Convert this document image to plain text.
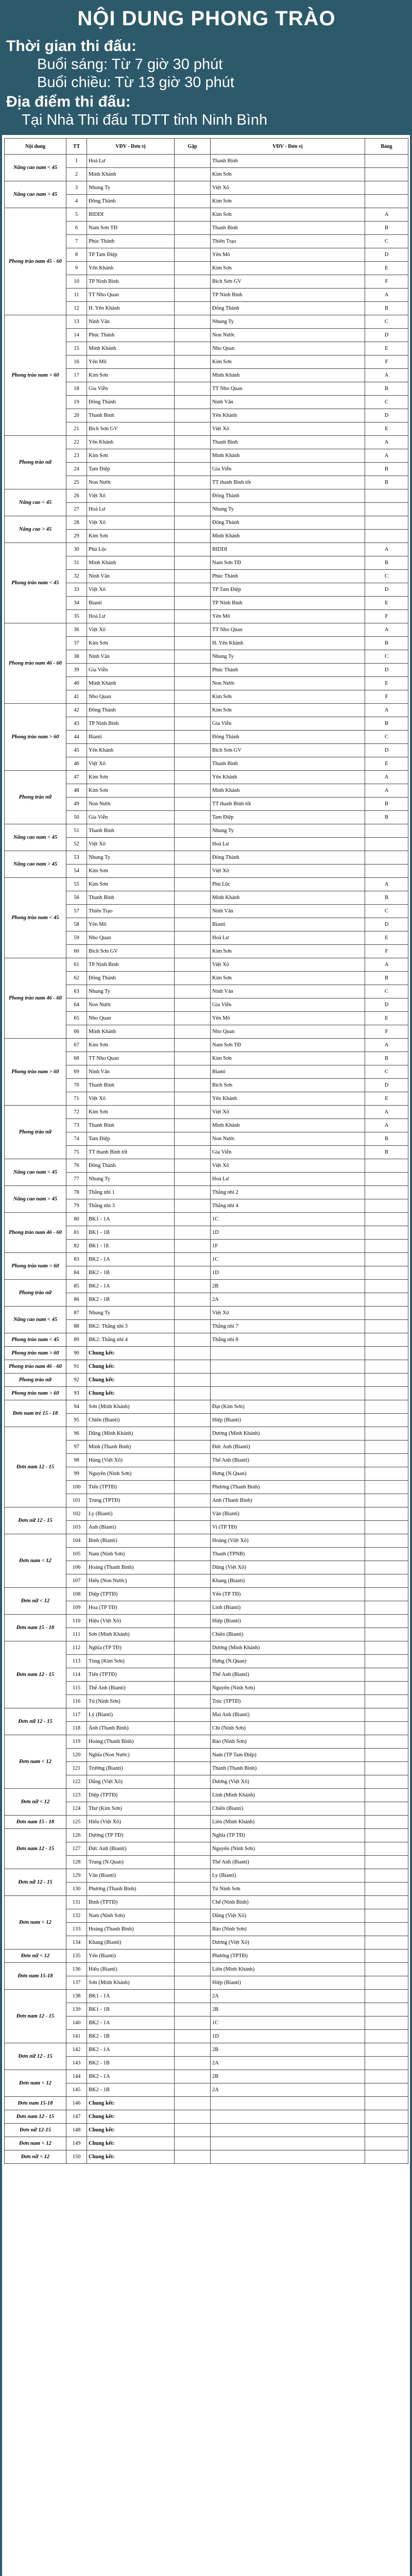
NỘI DUNG PHONG TRÀO
Thời gian thi đấu:
Buổi sáng: Từ 7 giờ 30 phút
Buổi chiều: Từ 13 giờ 30 phút
Địa điểm thi đấu:
Tại Nhà Thi đấu TDTT tỉnh Ninh Bình
Nội dung	TT	VĐV - Đơn vị	Gặp	VĐV - Đơn vị	Bảng
Nâng cao nam < 45	1	Hoà Lư		Thanh Bình	
	2	Minh Khánh		Kim Sơn	
Nâng cao nam > 45	3	Nhung Ty		Việt Xô	
	4	Đông Thành		Kim Sơn	
Phong trào nam 45 - 60	5	BIDDI		Kim Sơn	A
	6	Nam Sơn TĐ		Thanh Bình	B
	7	Phúc Thành		Thiên Trạo	C
	8	TP Tam Điệp		Yên Mô	D
	9	Yên Khánh		Kim Sơn	E
	10	TP Ninh Bình		Bích Sơn GV	F
	11	TT Nho Quan		TP Ninh Bình	A
	12	H. Yên Khánh		Đông Thành	B
Phong trào nam > 60	13	Ninh Vân		Nhung Ty	C
	14	Phúc Thành		Non Nước	D
	15	Minh Khánh		Nho Quan	E
	16	Yên Mô		Kim Sơn	F
	17	Kim Sơn		Minh Khánh	A
	18	Gia Viễn		TT Nho Quan	B
	19	Đông Thành		Ninh Vân	C
	20	Thanh Bình		Yên Khánh	D
	21	Bích Sơn GV		Việt Xô	E
Phong trào nữ	22	Yên Khánh		Thanh Bình	A
	23	Kim Sơn		Minh Khánh	A
	24	Tam Điệp		Gia Viễn	B
	25	Non Nước		TT thanh Bình tốt	B
Nâng cao < 45	26	Việt Xô		Đông Thành	
	27	Hoà Lư		Nhung Ty	
Nâng cao > 45	28	Việt Xô		Đông Thành	
	29	Kim Sơn		Minh Khánh	
Phong trào nam < 45	30	Phú Lộc		BIDDI	A
	31	Minh Khánh		Nam Sơn TĐ	B
	32	Ninh Vân		Phúc Thành	C
	33	Việt Xô		TP Tam Điệp	D
	34	Bìanti		TP Ninh Bình	E
	35	Hoà Lư		Yên Mô	F
Phong trào nam 46 - 60	36	Việt Xô		TT Nho Quan	A
	37	Kim Sơn		H. Yên Khánh	B
	38	Ninh Vân		Nhung Ty	C
	39	Gia Viễn		Phúc Thành	D
	40	Minh Khánh		Non Nước	E
	41	Nho Quan		Kim Sơn	F
Phong trào nam > 60	42	Đông Thành		Kim Sơn	A
	43	TP Ninh Bình		Gia Viễn	B
	44	Bìanti		Đông Thành	C
	45	Yên Khánh		Bích Sơn GV	D
	46	Việt Xô		Thanh Bình	E
Phong trào nữ	47	Kim Sơn		Yên Khánh	A
	48	Kim Sơn		Minh Khánh	A
	49	Non Nước		TT thanh Bình tốt	B
	50	Gia Viễn		Tam Điệp	B
Nâng cao nam < 45	51	Thanh Bình		Nhung Ty	
	52	Việt Xô		Hoà Lư	
Nâng cao nam > 45	53	Nhung Ty		Đông Thành	
	54	Kim Sơn		Việt Xô	
Phong trào nam < 45	55	Kim Sơn		Phú Lộc	A
	56	Thanh Bình		Minh Khánh	B
	57	Thiên Trạo		Ninh Vân	C
	58	Yên Mô		Bìanti	D
	59	Nho Quan		Hoà Lư	E
	60	Bích Sơn GV		Kim Sơn	F
Phong trào nam 46 - 60	61	TP Ninh Bình		Việt Xô	A
	62	Đông Thành		Kim Sơn	B
	63	Nhung Ty		Ninh Vân	C
	64	Non Nước		Gia Viễn	D
	65	Nho Quan		Yên Mô	E
	66	Minh Khánh		Nho Quan	F
Phong trào nam > 60	67	Kim Sơn		Nam Sơn TĐ	A
	68	TT Nho Quan		Kim Sơn	B
	69	Ninh Vân		Bìanti	C
	70	Thanh Bình		Bích Sơn	D
	71	Việt Xô		Yên Khánh	E
Phong trào nữ	72	Kim Sơn		Việt Xô	A
	73	Thanh Bình		Minh Khánh	A
	74	Tam Điệp		Non Nước	B
	75	TT thanh Bình tốt		Gia Viễn	B
Nâng cao nam < 45	76	Đông Thành		Việt Xô	
	77	Nhung Ty		Hoà Lư	
Nâng cao nam > 45	78	Thắng nhì 1		Thắng nhì 2	
	79	Thắng nhì 3		Thắng nhì 4	
Phong trào nam 46 - 60	80	BK1 - 1A		1C	
	81	BK1 - 1B		1D	
	82	BK1 - 1E		1F	
Phong trào nam > 60	83	BK2 - 1A		1C	
	84	BK2 - 1B		1D	
Phong trào nữ	85	BK2 - 1A		2B	
	86	BK2 - 1B		2A	
Nâng cao nam < 45	87	Nhung Ty		Việt Xô	
	88	BK2: Thắng nhì 3		Thắng nhì 7	
Phong trào nam < 45	89	BK2: Thắng nhì 4		Thắng nhì 8	
Phong trào nam > 60	90	Chung kết:			
Phong trào nam 46 - 60	91	Chung kết:			
Phong trào nữ	92	Chung kết:			
Phong trào nam > 60	93	Chung kết:			
Đơn nam trẻ 15 - 18	94	Sơn (Minh Khánh)		Đạt (Kim Sơn)	
	95	Chiến (Bìanti)		Hiệp (Bìanti)	
Đơn nam 12 - 15	96	Dũng (Minh Khánh)		Dương (Minh Khánh)	
	97	Minh (Thanh Bình)		Đức Anh (Bìanti)	
	98	Hùng (Việt Xô)		Thế Anh (Bìanti)	
	99	Nguyên (Ninh Sơn)		Hưng (N.Quan)	
	100	Tiến (TPTĐ)		Phương (Thanh Bình)	
	101	Trung (TPTĐ)		Anh (Thanh Bình)	
Đơn nữ 12 - 15	102	Ly (Bìanti)		Vân (Bìanti)	
	103	Anh (Bìanti)		Vi (TP TĐ)	
Đơn nam < 12	104	Bình (Bìanti)		Hoàng (Việt Xô)	
	105	Nam (Ninh Sơn)		Thanh (TPNB)	
	106	Hoàng (Thanh Bình)		Dũng (Việt Xô)	
	107	Hiếu (Non Nước)		Khang (Bìanti)	
Đơn nữ < 12	108	Diệp (TPTĐ)		Yến (TP TĐ)	
	109	Hoa (TP TĐ)		Linh (Bìanti)	
Đơn nam 15 - 18	110	Hiệu (Việt Xô)		Hiệp (Bìanti)	
	111	Sơn (Minh Khánh)		Chiến (Bìanti)	
Đơn nam 12 - 15	112	Nghĩa (TP TĐ)		Dương (Minh Khánh)	
	113	Tùng (Kim Sơn)		Hưng (N.Quan)	
	114	Tiến (TPTĐ)		Thế Anh (Bìanti)	
	115	Thế Anh (Bìanti)		Nguyên (Ninh Sơn)	
	116	Tú (Ninh Sơn)		Trúc (TPTĐ)	
Đơn nữ 12 - 15	117	Lý (Bìanti)		Mai Anh (Bìanti)	
	118	Ánh (Thanh Bình)		Chi (Ninh Sơn)	
Đơn nam < 12	119	Hoàng (Thanh Bình)		Bảo (Ninh Sơn)	
	120	Nghĩa (Non Nước)		Nam (TP Tam Điệp)	
	121	Trường (Bìanti)		Thành (Thanh Bình)	
	122	Dũng (Việt Xô)		Dương (Việt Xô)	
Đơn nữ < 12	123	Diệp (TPTĐ)		Linh (Minh Khánh)	
	124	Thư (Kim Sơn)		Chiến (Bìanti)	
Đơn nam 15 - 18	125	Hiếu (Việt Xô)		Liên (Minh Khánh)	
Đơn nam 12 - 15	126	Dương (TP TĐ)		Nghĩa (TP TĐ)	
	127	Đức Anh (Bìanti)		Nguyên (Ninh Sơn)	
	128	Trung (N.Quan)		Thế Anh (Bìanti)	
Đơn nữ 12 - 15	129	Vân (Bìanti)		Ly (Bìanti)	
	130	Phương (Thanh Bình)		Tú Ninh Sơn	
Đơn nam < 12	131	Bình (TPTĐ)		Chế (Ninh Bình)	
	132	Nam (Ninh Sơn)		Dũng (Việt Xô)	
	133	Hoàng (Thanh Bình)		Bảo (Ninh Sơn)	
	134	Khang (Bìanti)		Dương (Việt Xô)	
Đơn nữ < 12	135	Yến (Bìanti)		Phương (TPTĐ)	
Đơn nam 15-18	136	Hiếu (Bìanti)		Liên (Minh Khánh)	
	137	Sơn (Minh Khánh)		Hiệp (Bìanti)	
Đơn nam 12 - 15	138	BK1 - 1A		2A	
	139	BK1 - 1B		2B	
	140	BK2 - 1A		1C	
	141	BK2 - 1B		1D	
Đơn nữ 12 - 15	142	BK2 - 1A		2B	
	143	BK2 - 1B		2A	
Đơn nam < 12	144	BK2 - 1A		2B	
	145	BK2 - 1B		2A	
Đơn nam 15-18	146	Chung kết:			
Đơn nam 12 - 15	147	Chung kết:			
Đơn nữ 12-15	148	Chung kết:			
Đơn nam < 12	149	Chung kết:			
Đơn nữ < 12	150	Chung kết:			
